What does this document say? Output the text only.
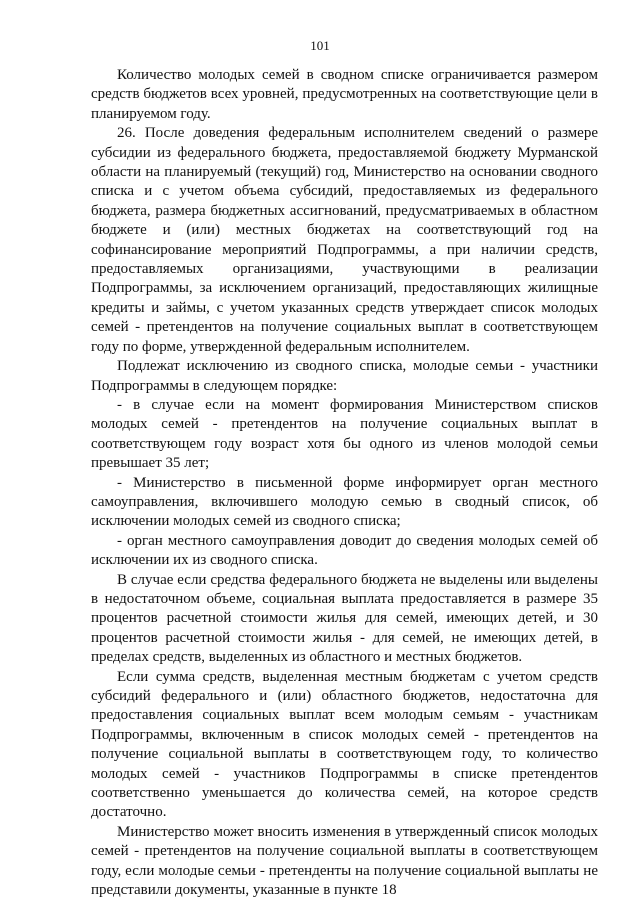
101

Количество молодых семей в сводном списке ограничивается размером средств бюджетов всех уровней, предусмотренных на соответствующие цели в планируемом году.

26. После доведения федеральным исполнителем сведений о размере субсидии из федерального бюджета, предоставляемой бюджету Мурманской области на планируемый (текущий) год, Министерство на основании сводного списка и с учетом объема субсидий, предоставляемых из федерального бюджета, размера бюджетных ассигнований, предусматриваемых в областном бюджете и (или) местных бюджетах на соответствующий год на софинансирование мероприятий Подпрограммы, а при наличии средств, предоставляемых организациями, участвующими в реализации Подпрограммы, за исключением организаций, предоставляющих жилищные кредиты и займы, с учетом указанных средств утверждает список молодых семей - претендентов на получение социальных выплат в соответствующем году по форме, утвержденной федеральным исполнителем.

Подлежат исключению из сводного списка, молодые семьи - участники Подпрограммы в следующем порядке:

- в случае если на момент формирования Министерством списков молодых семей - претендентов на получение социальных выплат в соответствующем году возраст хотя бы одного из членов молодой семьи превышает 35 лет;

- Министерство в письменной форме информирует орган местного самоуправления, включившего молодую семью в сводный список, об исключении молодых семей из сводного списка;

- орган местного самоуправления доводит до сведения молодых семей об исключении их из сводного списка.

В случае если средства федерального бюджета не выделены или выделены в недостаточном объеме, социальная выплата предоставляется в размере 35 процентов расчетной стоимости жилья для семей, имеющих детей, и 30 процентов расчетной стоимости жилья - для семей, не имеющих детей, в пределах средств, выделенных из областного и местных бюджетов.

Если сумма средств, выделенная местным бюджетам с учетом средств субсидий федерального и (или) областного бюджетов, недостаточна для предоставления социальных выплат всем молодым семьям - участникам Подпрограммы, включенным в список молодых семей - претендентов на получение социальной выплаты в соответствующем году, то количество молодых семей - участников Подпрограммы в списке претендентов соответственно уменьшается до количества семей, на которое средств достаточно.

Министерство может вносить изменения в утвержденный список молодых семей - претендентов на получение социальной выплаты в соответствующем году, если молодые семьи - претенденты на получение социальной выплаты не представили документы, указанные в пункте 18
